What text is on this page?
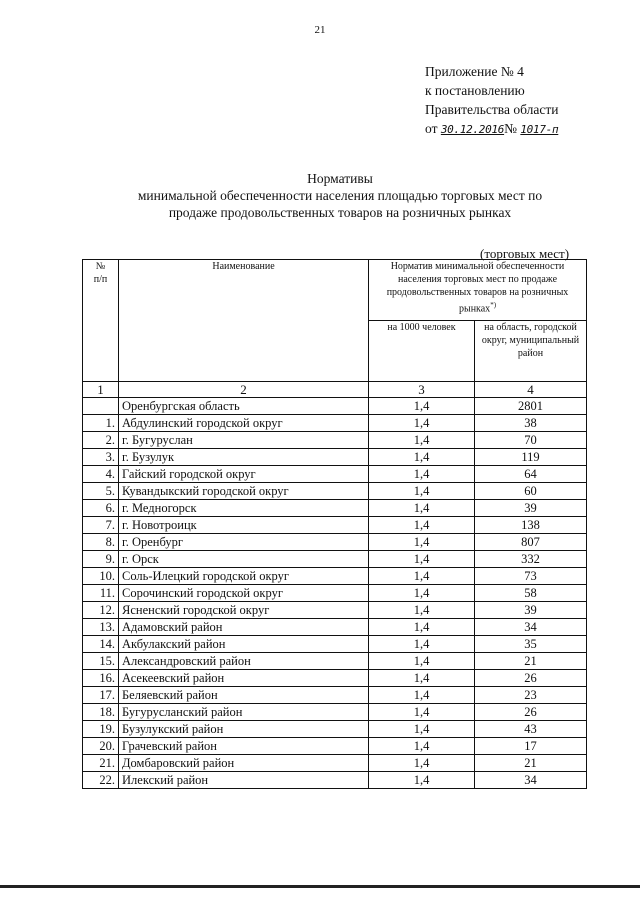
21
Приложение № 4
к постановлению
Правительства области
от 30.12.2016№ 1017-п
Нормативы
минимальной обеспеченности населения площадью торговых мест по
продаже продовольственных товаров на розничных рынках
(торговых мест)
№
п/п	Наименование	Норматив минимальной обеспеченности населения торговых мест по продаже продовольственных товаров на розничных рынках*)
		на 1000 человек	на область, городской округ, муниципальный район
1	2	3	4
	Оренбургская область	1,4	2801
1.	Абдулинский городской округ	1,4	38
2.	г. Бугуруслан	1,4	70
3.	г. Бузулук	1,4	119
4.	Гайский городской округ	1,4	64
5.	Кувандыкский городской округ	1,4	60
6.	г. Медногорск	1,4	39
7.	г. Новотроицк	1,4	138
8.	г. Оренбург	1,4	807
9.	г. Орск	1,4	332
10.	Соль-Илецкий городской округ	1,4	73
11.	Сорочинский городской округ	1,4	58
12.	Ясненский городской округ	1,4	39
13.	Адамовский район	1,4	34
14.	Акбулакский район	1,4	35
15.	Александровский район	1,4	21
16.	Асекеевский район	1,4	26
17.	Беляевский район	1,4	23
18.	Бугурусланский район	1,4	26
19.	Бузулукский район	1,4	43
20.	Грачевский район	1,4	17
21.	Домбаровский район	1,4	21
22.	Илекский район	1,4	34
